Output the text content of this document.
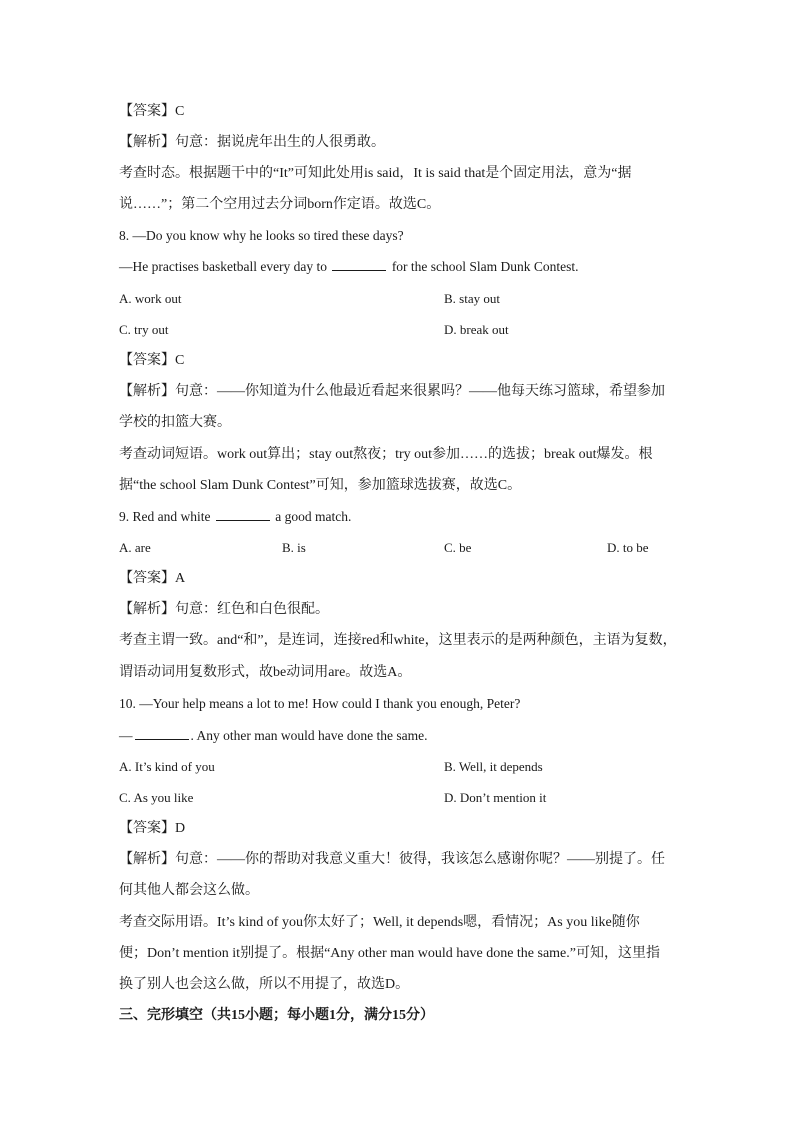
【答案】C
【解析】句意：据说虎年出生的人很勇敢。
考查时态。根据题干中的“It”可知此处用is said，It is said that是个固定用法，意为“据
说……”；第二个空用过去分词born作定语。故选C。
8. —Do you know why he looks so tired these days?
—He practises basketball every day to	for the school Slam Dunk Contest.
A. work out	B. stay out
C. try out	D. break out
【答案】C
【解析】句意：——你知道为什么他最近看起来很累吗？——他每天练习篮球，希望参加
学校的扣篮大赛。
考查动词短语。work out算出；stay out熬夜；try out参加……的选拔；break out爆发。根
据“the school Slam Dunk Contest”可知，参加篮球选拔赛，故选C。
9. Red and white	a good match.
A. are	B. is	C. be	D. to be
【答案】A
【解析】句意：红色和白色很配。
考查主谓一致。and“和”，是连词，连接red和white，这里表示的是两种颜色，主语为复数，
谓语动词用复数形式，故be动词用are。故选A。
10. —Your help means a lot to me! How could I thank you enough, Peter?
—	. Any other man would have done the same.
A. It’s kind of you	B. Well, it depends
C. As you like	D. Don’t mention it
【答案】D
【解析】句意：——你的帮助对我意义重大！彼得，我该怎么感谢你呢？——别提了。任
何其他人都会这么做。
考查交际用语。It’s kind of you你太好了；Well, it depends嗯，看情况；As you like随你
便；Don’t mention it别提了。根据“Any other man would have done the same.”可知，这里指
换了别人也会这么做，所以不用提了，故选D。
三、完形填空（共15小题；每小题1分，满分15分）
